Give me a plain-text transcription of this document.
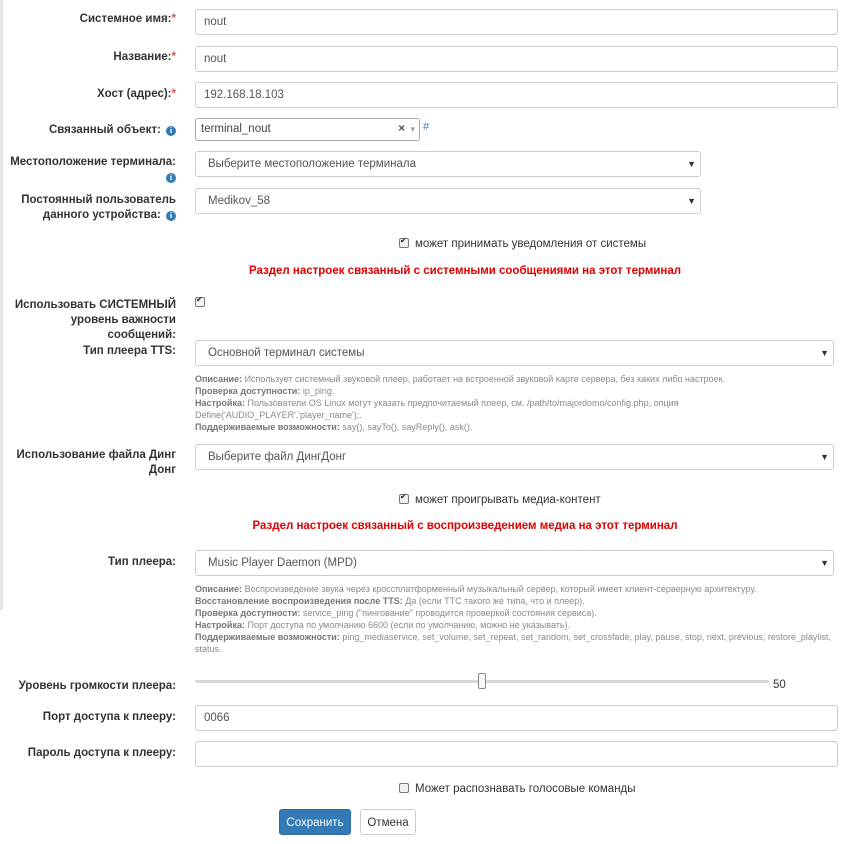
Системное имя:*
nout
Название:*
nout
Хост (адрес):*
192.168.18.103
Связанный объект: i	terminal_nout	× ▾ #
Местоположение терминала: i
Выберите местоположение терминала	▼
Постоянный пользователь
данного устройства: i
Medikov_58	▼
✔может принимать уведомления от системы
Раздел настроек связанный с системными сообщениями на этот терминал
Использовать СИСТЕМНЫЙ
уровень важности сообщений:
✔
Тип плеера TTS:	Основной терминал системы	▼
Описание: Использует системный звуковой плеер, работает на встроенной звуковой карте сервера, без каких либо настроек.
Проверка доступности: ip_ping.
Настройка: Пользователи OS Linux могут указать предпочитаемый плеер, см. /path/to/majordomo/config.php, опция
Define('AUDIO_PLAYER','player_name');.
Поддерживаемые возможности: say(), sayTo(), sayReply(), ask().
Использование файла Динг
Донг
Выберите файл ДингДонг	▼
✔может проигрывать медиа-контент
Раздел настроек связанный с воспроизведением медиа на этот терминал
Тип плеера:	Music Player Daemon (MPD)	▼
Описание: Воспроизведение звука через кроссплатформенный музыкальный сервер, который имеет клиент-серверную архитектуру.
Восстановление воспроизведения после TTS: Да (если ТТС такого же типа, что и плеер).
Проверка доступности: service_ping ("пингование" проводится проверкой состояния сервиса).
Настройка: Порт доступа по умолчанию 6600 (если по умолчанию, можно не указывать).
Поддерживаемые возможности: ping_mediaservice, set_volume, set_repeat, set_random, set_crossfade, play, pause, stop, next, previous, restore_playlist,
status.
Уровень громкости плеера:	50
Порт доступа к плееру:
0066
Пароль доступа к плееру:
Может распознавать голосовые команды
Сохранить	Отмена
